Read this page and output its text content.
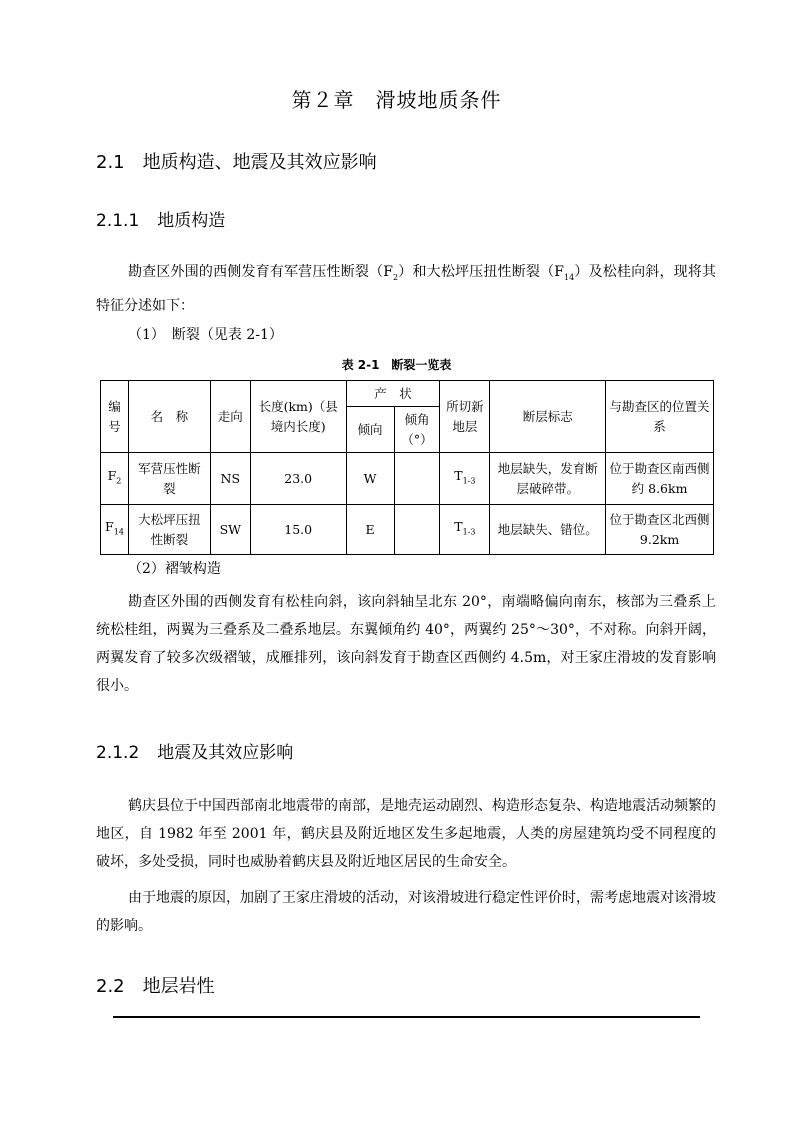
第２章　滑坡地质条件
2.1 地质构造、地震及其效应影响
2.1.1 地质构造
勘查区外围的西侧发育有军营压性断裂$(F_2)$和大松坪压扭性断裂$(F_{14})$及松桂向斜，现将其特征分述如下：
（1）　断裂（见表 2-1）
表 2-1　断裂一览表
编号	名　称	走向	长度(km)（县境内长度)	产　状		所切新地层	断层标志	与勘查区的位置关系
				倾向	倾角（°）			
$F_2$	军营压性断裂	NS	23.0	W		$T_{1-3}$	地层缺失，发育断层破碎带。	位于勘查区南西侧约 8.6km
$F_{14}$	大松坪压扭性断裂	SW	15.0	E		$T_{1-3}$	地层缺失、错位。	位于勘查区北西侧 9.2km
（2）褶皱构造
勘查区外围的西侧发育有松桂向斜，该向斜轴呈北东 20°，南端略偏向南东，核部为三叠系上统松桂组，两翼为三叠系及二叠系地层。东翼倾角约 40°，两翼约 25°～30°，不对称。向斜开阔，两翼发育了较多次级褶皱，成雁排列，该向斜发育于勘查区西侧约 4.5m，对王家庄滑坡的发育影响很小。
2.1.2 地震及其效应影响
鹤庆县位于中国西部南北地震带的南部，是地壳运动剧烈、构造形态复杂、构造地震活动频繁的地区，自 1982 年至 2001 年，鹤庆县及附近地区发生多起地震，人类的房屋建筑均受不同程度的破坏，多处受损，同时也威胁着鹤庆县及附近地区居民的生命安全。
由于地震的原因，加剧了王家庄滑坡的活动，对该滑坡进行稳定性评价时，需考虑地震对该滑坡的影响。
2.2 地层岩性
